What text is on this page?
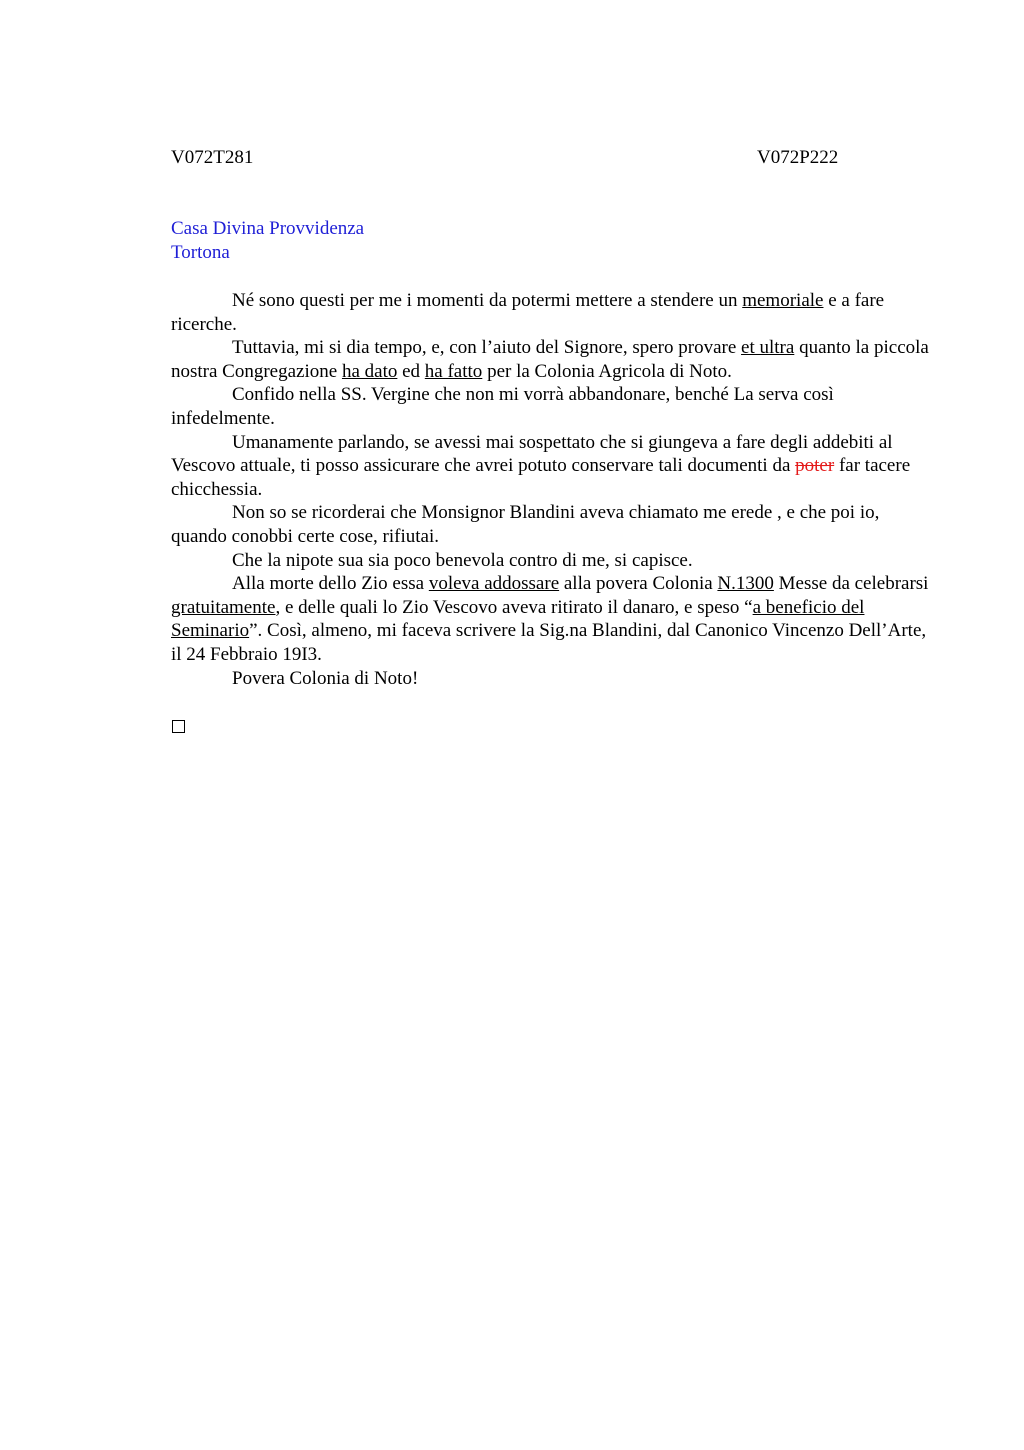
V072T281	V072P222
Casa Divina Provvidenza
Tortona

Né sono questi per me i momenti da potermi mettere a stendere un memoriale e a fare ricerche.

Tuttavia, mi si dia tempo, e, con l’aiuto del Signore, spero provare et ultra quanto la piccola nostra Congregazione ha dato ed ha fatto per la Colonia Agricola di Noto.

Confido nella SS. Vergine che non mi vorrà abbandonare, benché La serva così infedelmente.

Umanamente parlando, se avessi mai sospettato che si giungeva a fare degli addebiti al Vescovo attuale, ti posso assicurare che avrei potuto conservare tali documenti da poter far tacere chicchessia.

Non so se ricorderai che Monsignor Blandini aveva chiamato me erede , e che poi io, quando conobbi certe cose, rifiutai.

Che la nipote sua sia poco benevola contro di me, si capisce.

Alla morte dello Zio essa voleva addossare alla povera Colonia N.1300 Messe da celebrarsi gratuitamente, e delle quali lo Zio Vescovo aveva ritirato il danaro, e speso “a beneficio del Seminario”. Così, almeno, mi faceva scrivere la Sig.na Blandini, dal Canonico Vincenzo Dell’Arte, il 24 Febbraio 19I3.

Povera Colonia di Noto!
